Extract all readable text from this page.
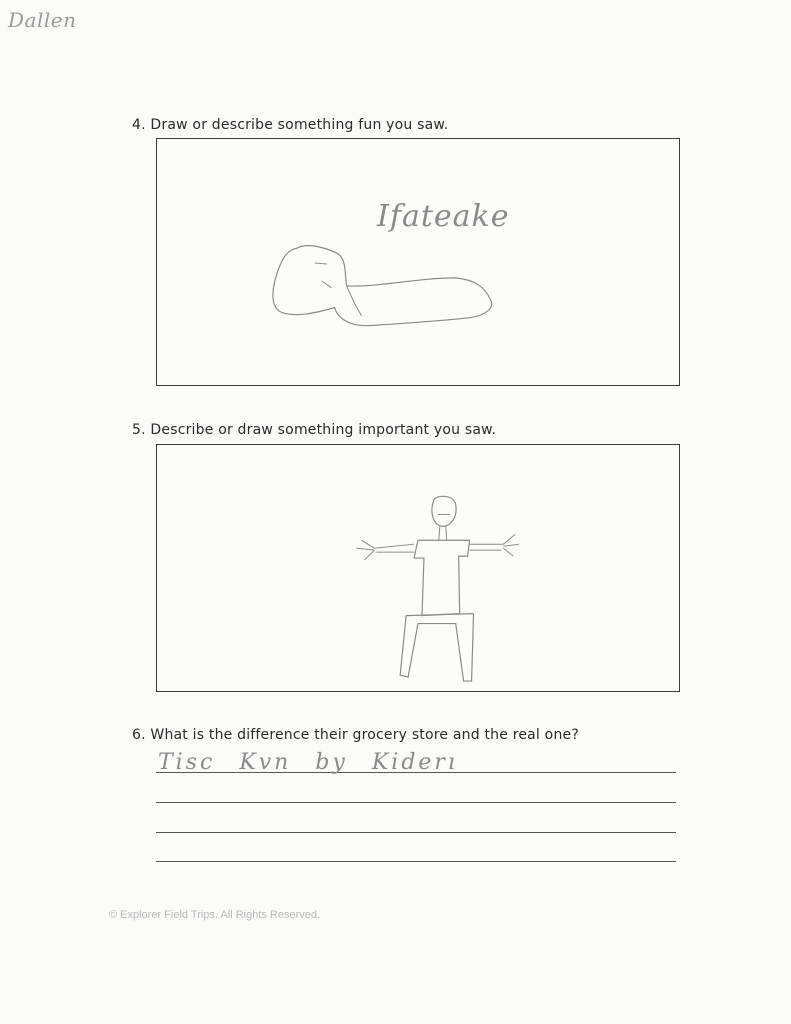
Dallen
4. Draw or describe something fun you saw.
Ifateake
5. Describe or draw something important you saw.
6. What is the difference their grocery store and the real one?
Tisc Kvn by Kiderı
© Explorer Field Trips. All Rights Reserved.
